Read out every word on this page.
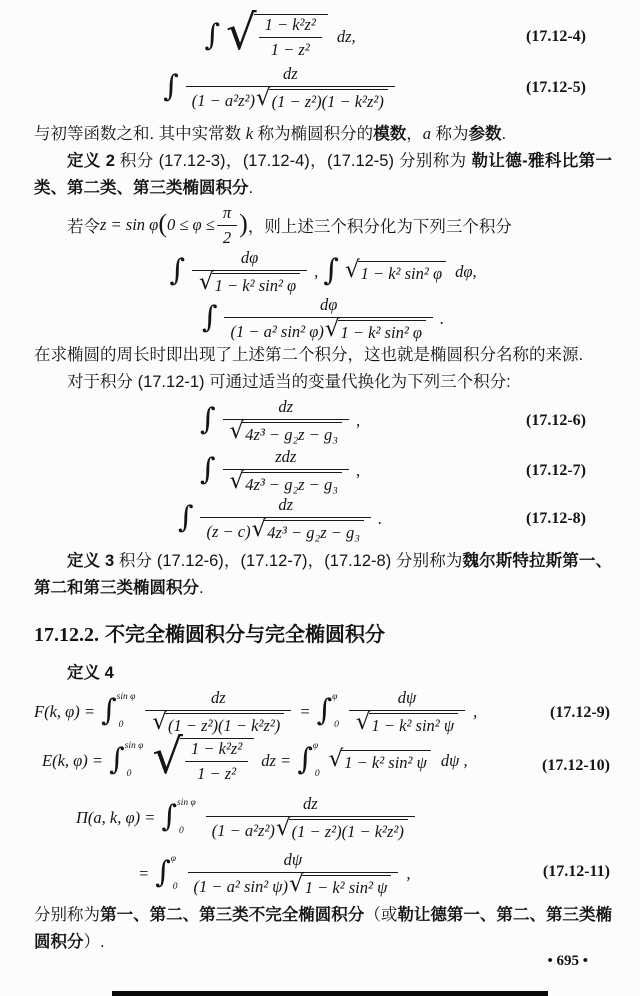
∫ √ $\frac{\text{1 − k²z²}}{\text{1 − z²}}$ dz,	(17.12-4)
∫	dz
(1 − a²z²) √ (1 − z²)(1 − k²z²)
(17.12-5)
与初等函数之和. 其中实常数 k 称为椭圆积分的模数，a 称为参数.
定义 2 积分 (17.12-3)，(17.12-4)，(17.12-5) 分别称为 勒让德-雅科比第一类、第二类、第三类椭圆积分.
若令 z = sin φ ( $0 \le \varphi \le \frac{\pi}{2}$ ) ，则上述三个积分化为下列三个积分
∫ $\frac{d\varphi}{\text{√ 1 − k² sin² φ}}$ , ∫ √ 1 − k² sin² φ dφ,
∫	dφ
(1 − a² sin² φ) √ 1 − k² sin² φ
.
在求椭圆的周长时即出现了上述第二个积分，这也就是椭圆积分名称的来源.
对于积分 (17.12-1) 可通过适当的变量代换化为下列三个积分:
∫ $\frac{dz}{\text{√ 4z³ − g₂z − g₃}}$ ,	(17.12-6)
∫ $\frac{\text{zdz}}{\text{√ 4z³ − g₂z − g₃}}$ ,	(17.12-7)
∫ $\frac{dz}{\text{(z − c) √ 4z³ − g₂z − g₃}}$ .	(17.12-8)
定义 3 积分 (17.12-6)，(17.12-7)，(17.12-8) 分别称为魏尔斯特拉斯第一、第二和第三类椭圆积分.
17.12.2. 不完全椭圆积分与完全椭圆积分
定义 4
F(k, φ) = ∫ sin φ
0	$\frac{dz}{\text{√ (1 − z²)(1 − k²z²)}}$ = ∫ φ
$0 \frac{d\psi}{\text{√ 1 − k² sin² ψ}}$ ,	(17.12-9)
E(k, φ) = ∫ sin φ
0 √ $\frac{\text{1 − k²z²}}{\text{1 − z²}}$ dz = ∫ φ
0
√ 1 − k² sin² ψ dψ ,	(17.12-10)
Π(a, k, φ) = ∫ sin φ
0
dz
(1 − a²z²) √ (1 − z²)(1 − k²z²)
= ∫ φ
0
dψ
(1 − a² sin² ψ) √ 1 − k² sin² ψ
,	(17.12-11)
分别称为第一、第二、第三类不完全椭圆积分（或勒让德第一、第二、第三类椭圆积分）.
• 695 •
